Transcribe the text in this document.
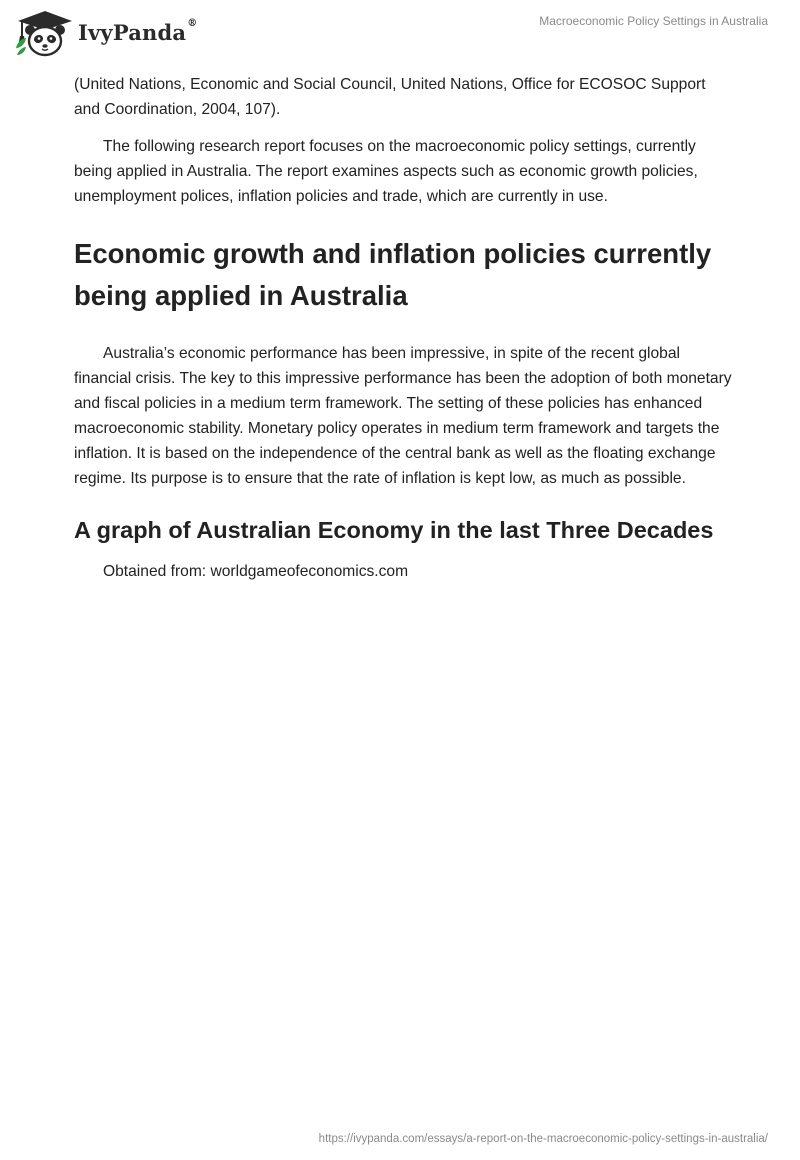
IvyPanda®	Macroeconomic Policy Settings in Australia

(United Nations, Economic and Social Council, United Nations, Office for ECOSOC Support and Coordination, 2004, 107).

The following research report focuses on the macroeconomic policy settings, currently being applied in Australia. The report examines aspects such as economic growth policies, unemployment polices, inflation policies and trade, which are currently in use.

Economic growth and inflation policies currently being applied in Australia

Australia’s economic performance has been impressive, in spite of the recent global financial crisis. The key to this impressive performance has been the adoption of both monetary and fiscal policies in a medium term framework. The setting of these policies has enhanced macroeconomic stability. Monetary policy operates in medium term framework and targets the inflation. It is based on the independence of the central bank as well as the floating exchange regime. Its purpose is to ensure that the rate of inflation is kept low, as much as possible.

A graph of Australian Economy in the last Three Decades

Obtained from: worldgameofeconomics.com

https://ivypanda.com/essays/a-report-on-the-macroeconomic-policy-settings-in-australia/
